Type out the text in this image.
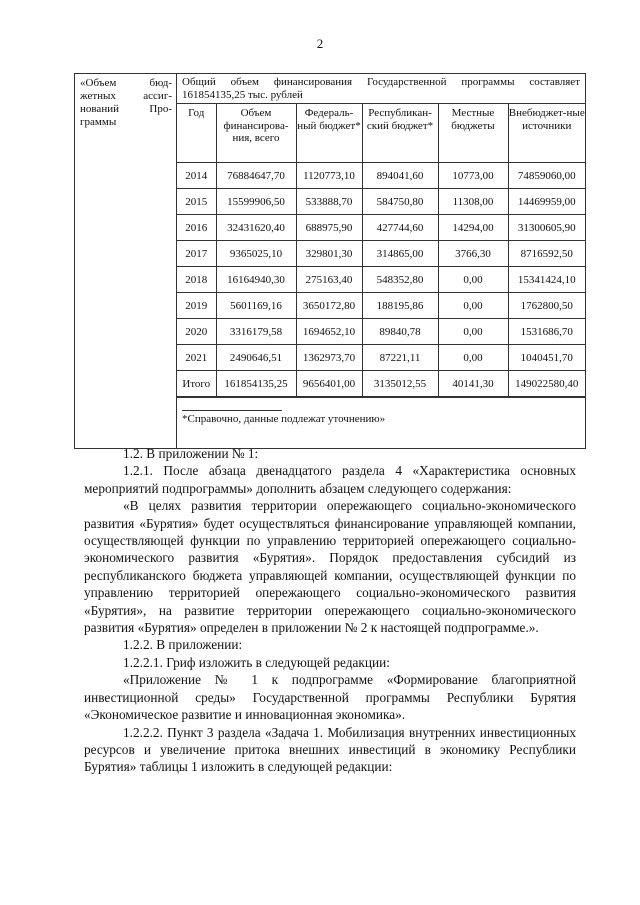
2
«Объем	бюд-
жетных ассиг-
нований	Про-
граммы

Общий объем финансирования Государственной программы составляет 161854135,25 тыс. рублей
Год	Объем финансирова-ния, всего	Федераль-ный бюджет*	Республикан-ский бюджет*	Местные бюджеты	Внебюджет-ные источники
2014	76884647,70	1120773,10	894041,60	10773,00	74859060,00
2015	15599906,50	533888,70	584750,80	11308,00	14469959,00
2016	32431620,40	688975,90	427744,60	14294,00	31300605,90
2017	9365025,10	329801,30	314865,00	3766,30	8716592,50
2018	16164940,30	275163,40	548352,80	0,00	15341424,10
2019	5601169,16	3650172,80	188195,86	0,00	1762800,50
2020	3316179,58	1694652,10	89840,78	0,00	1531686,70
2021	2490646,51	1362973,70	87221,11	0,00	1040451,70
Итого	161854135,25	9656401,00	3135012,55	40141,30	149022580,40
*Справочно, данные подлежат уточнению»

1.2. В приложении № 1:

1.2.1. После абзаца двенадцатого раздела 4 «Характеристика основных мероприятий подпрограммы» дополнить абзацем следующего содержания:

«В целях развития территории опережающего социально-экономического развития «Бурятия» будет осуществляться финансирование управляющей компании, осуществляющей функции по управлению территорией опережающего социально-экономического развития «Бурятия». Порядок предоставления субсидий из республиканского бюджета управляющей компании, осуществляющей функции по управлению территорией опережающего социально-экономического развития «Бурятия», на развитие территории опережающего социально-экономического развития «Бурятия» определен в приложении № 2 к настоящей подпрограмме.».

1.2.2. В приложении:

1.2.2.1. Гриф изложить в следующей редакции:

«Приложение № 1 к подпрограмме «Формирование благоприятной инвестиционной среды» Государственной программы Республики Бурятия «Экономическое развитие и инновационная экономика».

1.2.2.2. Пункт 3 раздела «Задача 1. Мобилизация внутренних инвестиционных ресурсов и увеличение притока внешних инвестиций в экономику Республики Бурятия» таблицы 1 изложить в следующей редакции:
